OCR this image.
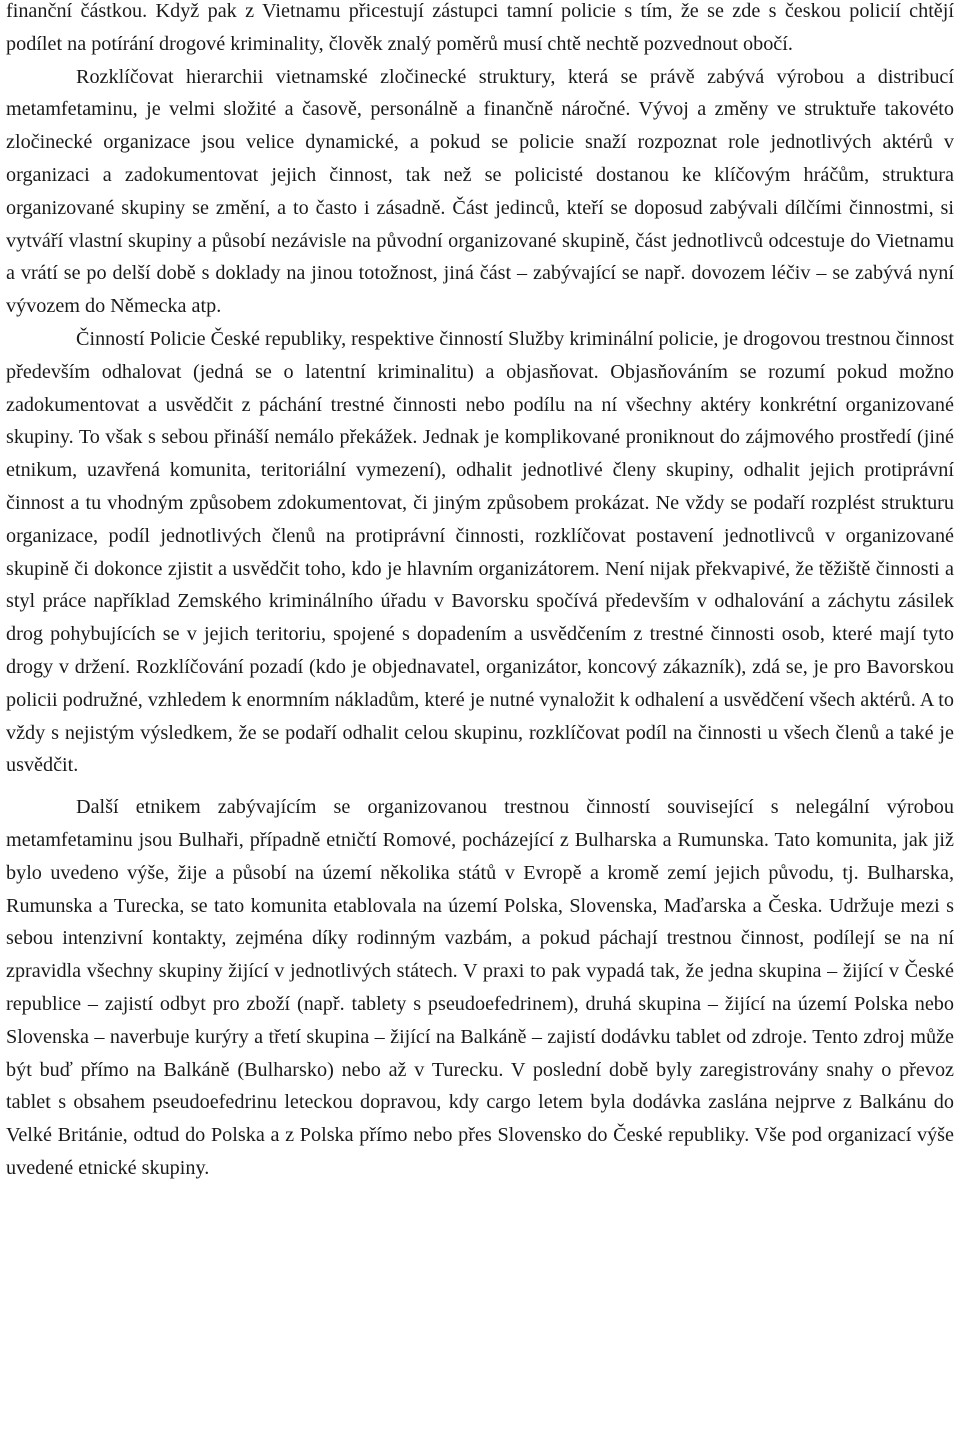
finanční částkou. Když pak z Vietnamu přicestují zástupci tamní policie s tím, že se zde s českou policií chtějí podílet na potírání drogové kriminality, člověk znalý poměrů musí chtě nechtě pozvednout obočí.

Rozklíčovat hierarchii vietnamské zločinecké struktury, která se právě zabývá výrobou a distribucí metamfetaminu, je velmi složité a časově, personálně a finančně náročné. Vývoj a změny ve struktuře takovéto zločinecké organizace jsou velice dynamické, a pokud se policie snaží rozpoznat role jednotlivých aktérů v organizaci a zadokumentovat jejich činnost, tak než se policisté dostanou ke klíčovým hráčům, struktura organizované skupiny se změní, a to často i zásadně. Část jedinců, kteří se doposud zabývali dílčími činnostmi, si vytváří vlastní skupiny a působí nezávisle na původní organizované skupině, část jednotlivců odcestuje do Vietnamu a vrátí se po delší době s doklady na jinou totožnost, jiná část – zabývající se např. dovozem léčiv – se zabývá nyní vývozem do Německa atp.

Činností Policie České republiky, respektive činností Služby kriminální policie, je drogovou trestnou činnost především odhalovat (jedná se o latentní kriminalitu) a objasňovat. Objasňováním se rozumí pokud možno zadokumentovat a usvědčit z páchání trestné činnosti nebo podílu na ní všechny aktéry konkrétní organizované skupiny. To však s sebou přináší nemálo překážek. Jednak je komplikované proniknout do zájmového prostředí (jiné etnikum, uzavřená komunita, teritoriální vymezení), odhalit jednotlivé členy skupiny, odhalit jejich protiprávní činnost a tu vhodným způsobem zdokumentovat, či jiným způsobem prokázat. Ne vždy se podaří rozplést strukturu organizace, podíl jednotlivých členů na protiprávní činnosti, rozklíčovat postavení jednotlivců v organizované skupině či dokonce zjistit a usvědčit toho, kdo je hlavním organizátorem. Není nijak překvapivé, že těžiště činnosti a styl práce například Zemského kriminálního úřadu v Bavorsku spočívá především v odhalování a záchytu zásilek drog pohybujících se v jejich teritoriu, spojené s dopadením a usvědčením z trestné činnosti osob, které mají tyto drogy v držení. Rozklíčování pozadí (kdo je objednavatel, organizátor, koncový zákazník), zdá se, je pro Bavorskou policii podružné, vzhledem k enormním nákladům, které je nutné vynaložit k odhalení a usvědčení všech aktérů. A to vždy s nejistým výsledkem, že se podaří odhalit celou skupinu, rozklíčovat podíl na činnosti u všech členů a také je usvědčit.

Další etnikem zabývajícím se organizovanou trestnou činností související s nelegální výrobou metamfetaminu jsou Bulhaři, případně etničtí Romové, pocházející z Bulharska a Rumunska. Tato komunita, jak již bylo uvedeno výše, žije a působí na území několika států v Evropě a kromě zemí jejich původu, tj. Bulharska, Rumunska a Turecka, se tato komunita etablovala na území Polska, Slovenska, Maďarska a Česka. Udržuje mezi s sebou intenzivní kontakty, zejména díky rodinným vazbám, a pokud páchají trestnou činnost, podílejí se na ní zpravidla všechny skupiny žijící v jednotlivých státech. V praxi to pak vypadá tak, že jedna skupina – žijící v České republice – zajistí odbyt pro zboží (např. tablety s pseudoefedrinem), druhá skupina – žijící na území Polska nebo Slovenska – naverbuje kurýry a třetí skupina – žijící na Balkáně – zajistí dodávku tablet od zdroje. Tento zdroj může být buď přímo na Balkáně (Bulharsko) nebo až v Turecku. V poslední době byly zaregistrovány snahy o převoz tablet s obsahem pseudoefedrinu leteckou dopravou, kdy cargo letem byla dodávka zaslána nejprve z Balkánu do Velké Británie, odtud do Polska a z Polska přímo nebo přes Slovensko do České republiky. Vše pod organizací výše uvedené etnické skupiny.
